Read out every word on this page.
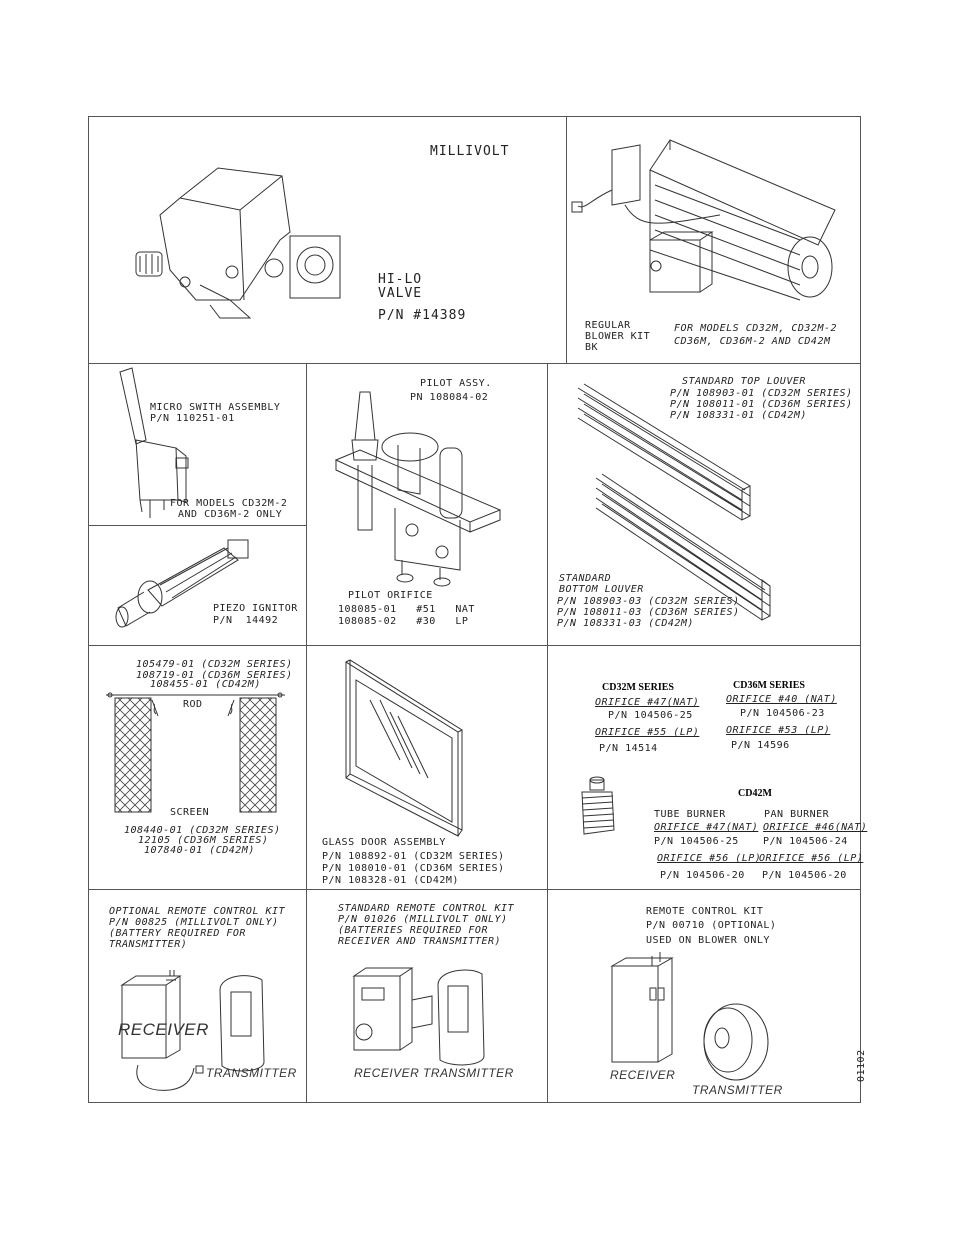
MILLIVOLT
HI-LO
VALVE
P/N #14389
REGULAR
BLOWER KIT
BK
FOR MODELS CD32M, CD32M-2
CD36M, CD36M-2 AND CD42M
MICRO SWITH ASSEMBLY
P/N 110251-01
FOR MODELS CD32M-2
AND CD36M-2 ONLY
PIEZO IGNITOR
P/N  14492
PILOT ASSY.
PN 108084-02
PILOT ORIFICE
108085-01   #51   NAT
108085-02   #30   LP
STANDARD TOP LOUVER
P/N 108903-01 (CD32M SERIES)
P/N 108011-01 (CD36M SERIES)
P/N 108331-01 (CD42M)
STANDARD
BOTTOM LOUVER
P/N 108903-03 (CD32M SERIES)
P/N 108011-03 (CD36M SERIES)
P/N 108331-03 (CD42M)
105479-01 (CD32M SERIES)
108719-01 (CD36M SERIES)
108455-01 (CD42M)
ROD
SCREEN
108440-01 (CD32M SERIES)
12105 (CD36M SERIES)
107840-01 (CD42M)
GLASS DOOR ASSEMBLY
P/N 108892-01 (CD32M SERIES)
P/N 108010-01 (CD36M SERIES)
P/N 108328-01 (CD42M)
CD32M SERIES
ORIFICE #47(NAT)
P/N 104506-25
ORIFICE #55 (LP)
P/N 14514
CD36M SERIES
ORIFICE #40 (NAT)
P/N 104506-23
ORIFICE #53 (LP)
P/N 14596
CD42M
TUBE BURNER
ORIFICE #47(NAT)
P/N 104506-25
ORIFICE #56 (LP)
P/N 104506-20
PAN BURNER
ORIFICE #46(NAT)
P/N 104506-24
ORIFICE #56 (LP)
P/N 104506-20
OPTIONAL REMOTE CONTROL KIT
P/N 00825 (MILLIVOLT ONLY)
(BATTERY REQUIRED FOR
TRANSMITTER)
RECEIVER
TRANSMITTER
STANDARD REMOTE CONTROL KIT
P/N 01026 (MILLIVOLT ONLY)
(BATTERIES REQUIRED FOR
RECEIVER AND TRANSMITTER)
RECEIVER TRANSMITTER
REMOTE CONTROL KIT
P/N 00710 (OPTIONAL)
USED ON BLOWER ONLY
RECEIVER
TRANSMITTER
01102
